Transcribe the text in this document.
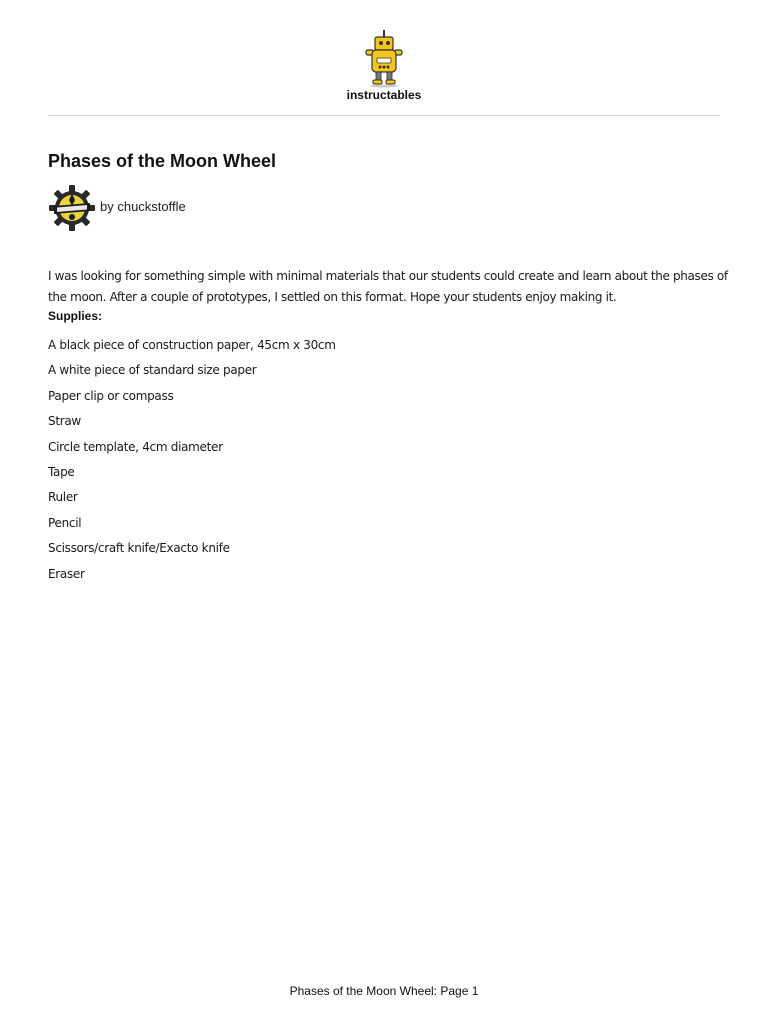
instructables
Phases of the Moon Wheel
by chuckstoffle

I was looking for something simple with minimal materials that our students could create and learn about the phases of the moon. After a couple of prototypes, I settled on this format. Hope your students enjoy making it.

Supplies:

A black piece of construction paper, 45cm x 30cm
A white piece of standard size paper
Paper clip or compass
Straw
Circle template, 4cm diameter
Tape
Ruler
Pencil
Scissors/craft knife/Exacto knife
Eraser
Phases of the Moon Wheel: Page 1
